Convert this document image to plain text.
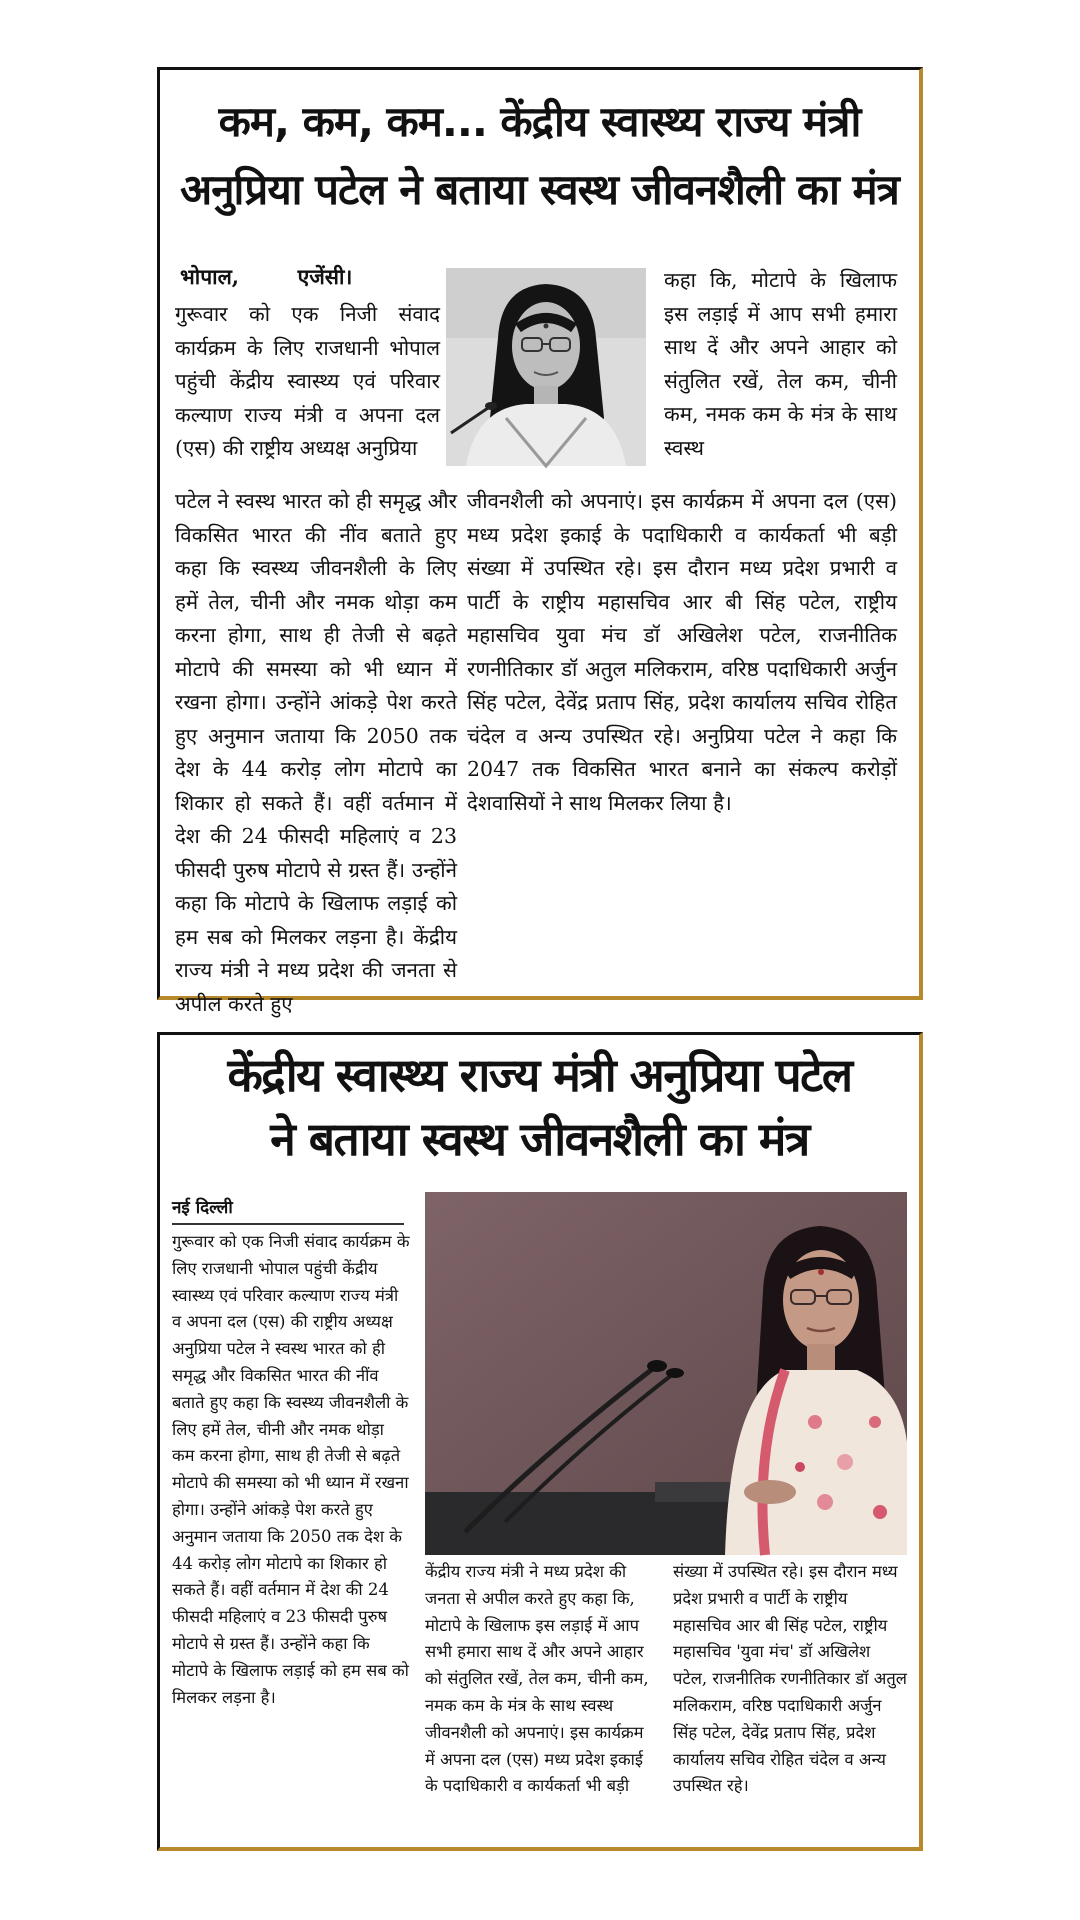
कम, कम, कम... केंद्रीय स्वास्थ्य राज्य मंत्री
अनुप्रिया पटेल ने बताया स्वस्थ जीवनशैली का मंत्र
भोपाल,        एजेंसी।

गुरूवार को एक निजी संवाद कार्यक्रम के लिए राजधानी भोपाल पहुंची केंद्रीय स्वास्थ्य एवं परिवार कल्याण राज्य मंत्री व अपना दल (एस) की राष्ट्रीय अध्यक्ष अनुप्रिया

पटेल ने स्वस्थ भारत को ही समृद्ध और विकसित भारत की नींव बताते हुए कहा कि स्वस्थ्य जीवनशैली के लिए हमें तेल, चीनी और नमक थोड़ा कम करना होगा, साथ ही तेजी से बढ़ते मोटापे की समस्या को भी ध्यान में रखना होगा। उन्होंने आंकड़े पेश करते हुए अनुमान जताया कि 2050 तक देश के 44 करोड़ लोग मोटापे का शिकार हो सकते हैं। वहीं वर्तमान में देश की 24 फीसदी महिलाएं व 23 फीसदी पुरुष मोटापे से ग्रस्त हैं। उन्होंने कहा कि मोटापे के खिलाफ लड़ाई को हम सब को मिलकर लड़ना है। केंद्रीय राज्य मंत्री ने मध्य प्रदेश की जनता से अपील करते हुए

कहा कि, मोटापे के खिलाफ इस लड़ाई में आप सभी हमारा साथ दें और अपने आहार को संतुलित रखें, तेल कम, चीनी कम, नमक कम के मंत्र के साथ स्वस्थ

जीवनशैली को अपनाएं। इस कार्यक्रम में अपना दल (एस) मध्य प्रदेश इकाई के पदाधिकारी व कार्यकर्ता भी बड़ी संख्या में उपस्थित रहे। इस दौरान मध्य प्रदेश प्रभारी व पार्टी के राष्ट्रीय महासचिव आर बी सिंह पटेल, राष्ट्रीय महासचिव युवा मंच डॉ अखिलेश पटेल, राजनीतिक रणनीतिकार डॉ अतुल मलिकराम, वरिष्ठ पदाधिकारी अर्जुन सिंह पटेल, देवेंद्र प्रताप सिंह, प्रदेश कार्यालय सचिव रोहित चंदेल व अन्य उपस्थित रहे। अनुप्रिया पटेल ने कहा कि 2047 तक विकसित भारत बनाने का संकल्प करोड़ों देशवासियों ने साथ मिलकर लिया है।

केंद्रीय स्वास्थ्य राज्य मंत्री अनुप्रिया पटेल
ने बताया स्वस्थ जीवनशैली का मंत्र
नई दिल्ली

गुरूवार को एक निजी संवाद कार्यक्रम के लिए राजधानी भोपाल पहुंची केंद्रीय स्वास्थ्य एवं परिवार कल्याण राज्य मंत्री व अपना दल (एस) की राष्ट्रीय अध्यक्ष अनुप्रिया पटेल ने स्वस्थ भारत को ही समृद्ध और विकसित भारत की नींव बताते हुए कहा कि स्वस्थ्य जीवनशैली के लिए हमें तेल, चीनी और नमक थोड़ा कम करना होगा, साथ ही तेजी से बढ़ते मोटापे की समस्या को भी ध्यान में रखना होगा। उन्होंने आंकड़े पेश करते हुए अनुमान जताया कि 2050 तक देश के 44 करोड़ लोग मोटापे का शिकार हो सकते हैं। वहीं वर्तमान में देश की 24 फीसदी महिलाएं व 23 फीसदी पुरुष मोटापे से ग्रस्त हैं। उन्होंने कहा कि मोटापे के खिलाफ लड़ाई को हम सब को मिलकर लड़ना है।

केंद्रीय राज्य मंत्री ने मध्य प्रदेश की जनता से अपील करते हुए कहा कि, मोटापे के खिलाफ इस लड़ाई में आप सभी हमारा साथ दें और अपने आहार को संतुलित रखें, तेल कम, चीनी कम, नमक कम के मंत्र के साथ स्वस्थ जीवनशैली को अपनाएं। इस कार्यक्रम में अपना दल (एस) मध्य प्रदेश इकाई के पदाधिकारी व कार्यकर्ता भी बड़ी

संख्या में उपस्थित रहे। इस दौरान मध्य प्रदेश प्रभारी व पार्टी के राष्ट्रीय महासचिव आर बी सिंह पटेल, राष्ट्रीय महासचिव 'युवा मंच' डॉ अखिलेश पटेल, राजनीतिक रणनीतिकार डॉ अतुल मलिकराम, वरिष्ठ पदाधिकारी अर्जुन सिंह पटेल, देवेंद्र प्रताप सिंह, प्रदेश कार्यालय सचिव रोहित चंदेल व अन्य उपस्थित रहे।
